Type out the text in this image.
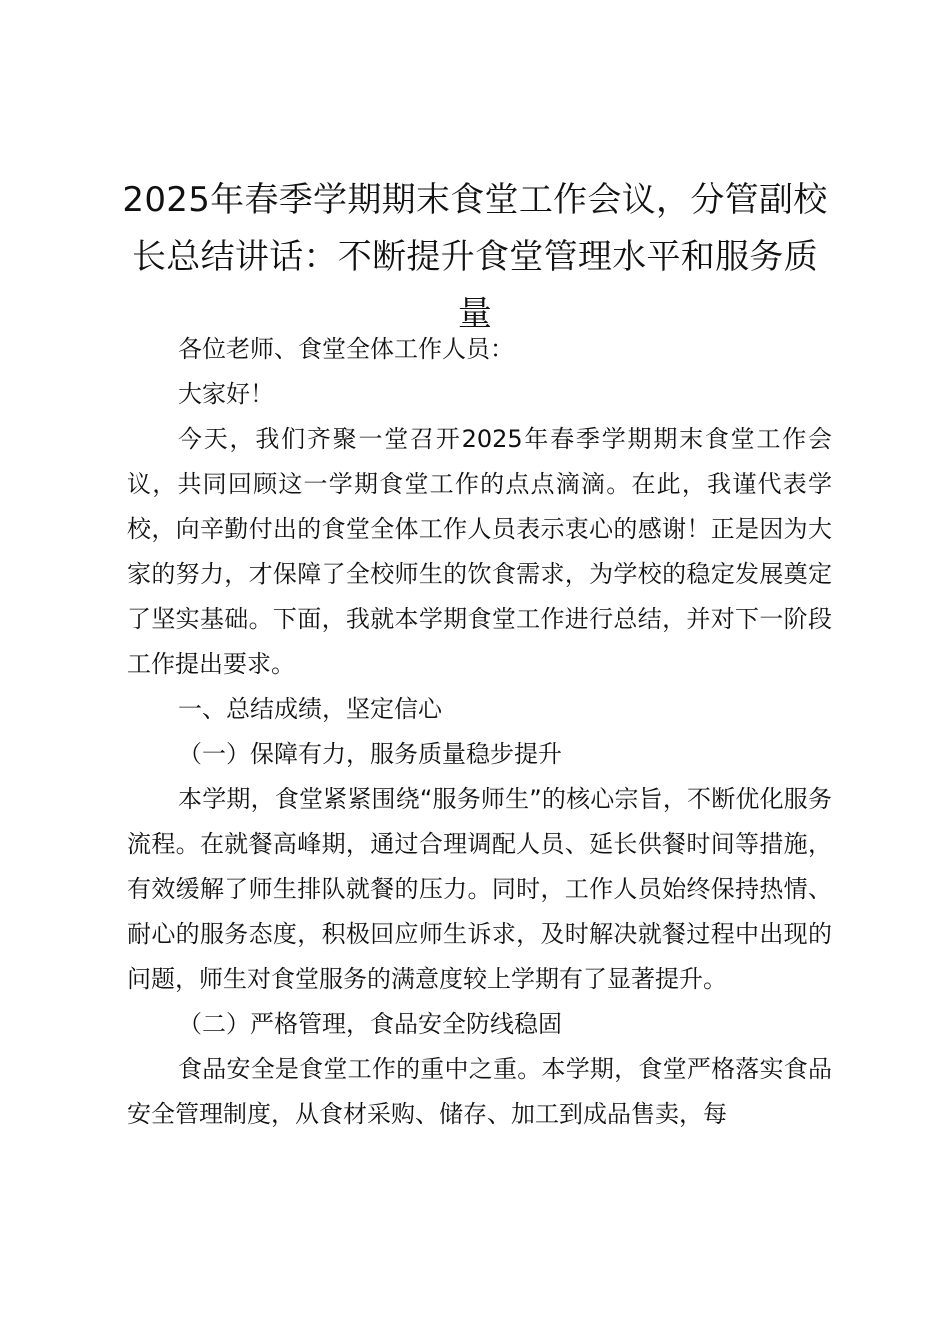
2025年春季学期期末食堂工作会议，分管副校长总结讲话：不断提升食堂管理水平和服务质量

各位老师、食堂全体工作人员：

大家好！

今天，我们齐聚一堂召开2025年春季学期期末食堂工作会议，共同回顾这一学期食堂工作的点点滴滴。在此，我谨代表学校，向辛勤付出的食堂全体工作人员表示衷心的感谢！正是因为大家的努力，才保障了全校师生的饮食需求，为学校的稳定发展奠定了坚实基础。下面，我就本学期食堂工作进行总结，并对下一阶段工作提出要求。

一、总结成绩，坚定信心

（一）保障有力，服务质量稳步提升

本学期，食堂紧紧围绕“服务师生”的核心宗旨，不断优化服务流程。在就餐高峰期，通过合理调配人员、延长供餐时间等措施，有效缓解了师生排队就餐的压力。同时，工作人员始终保持热情、耐心的服务态度，积极回应师生诉求，及时解决就餐过程中出现的问题，师生对食堂服务的满意度较上学期有了显著提升。

（二）严格管理，食品安全防线稳固

食品安全是食堂工作的重中之重。本学期，食堂严格落实食品安全管理制度，从食材采购、储存、加工到成品售卖，每
